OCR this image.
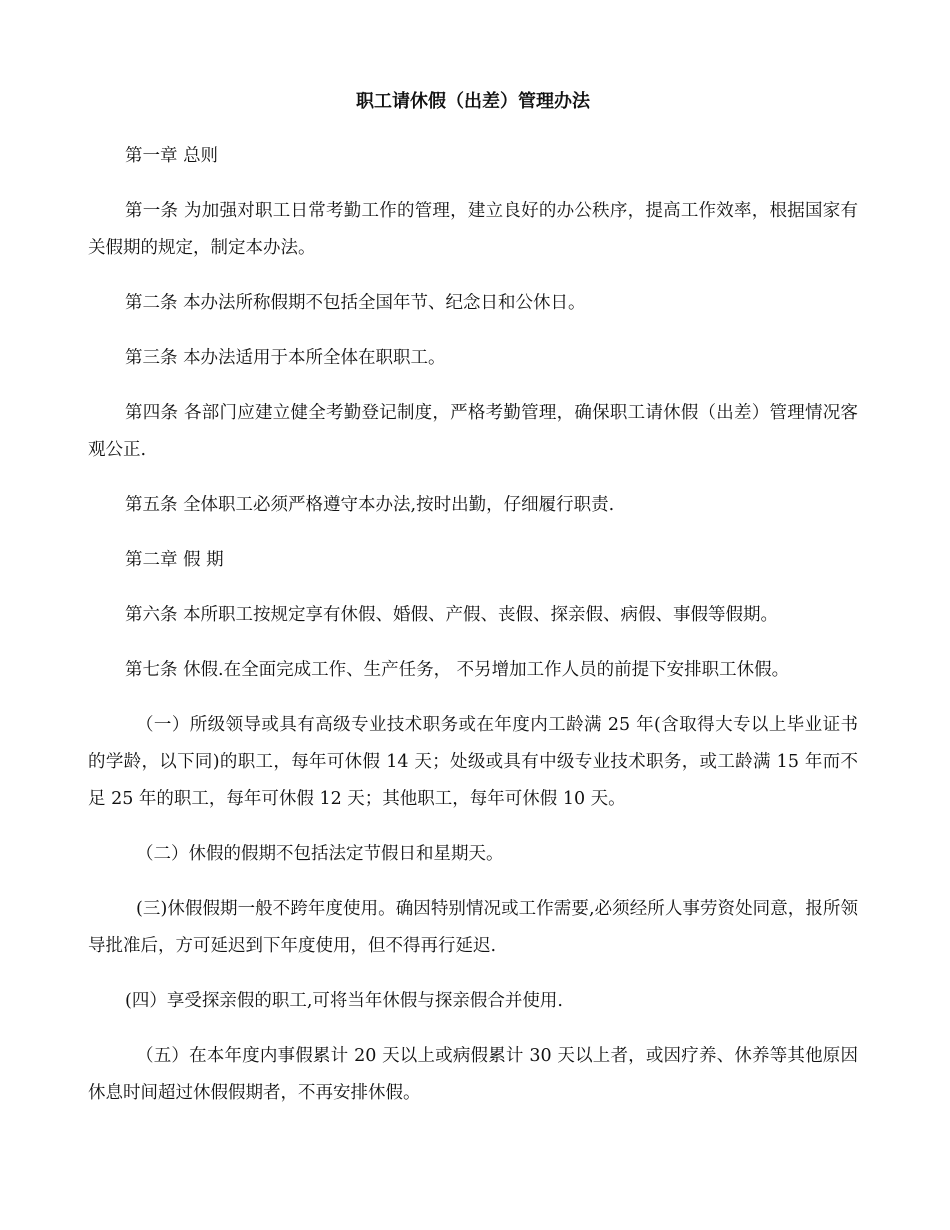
职工请休假（出差）管理办法

第一章 总则

第一条 为加强对职工日常考勤工作的管理，建立良好的办公秩序，提高工作效率，根据国家有关假期的规定，制定本办法。

第二条 本办法所称假期不包括全国年节、纪念日和公休日。

第三条 本办法适用于本所全体在职职工。

第四条 各部门应建立健全考勤登记制度，严格考勤管理，确保职工请休假（出差）管理情况客观公正.

第五条 全体职工必须严格遵守本办法,按时出勤，仔细履行职责.

第二章 假 期

第六条 本所职工按规定享有休假、婚假、产假、丧假、探亲假、病假、事假等假期。

第七条 休假.在全面完成工作、生产任务， 不另增加工作人员的前提下安排职工休假。

（一）所级领导或具有高级专业技术职务或在年度内工龄满 25 年(含取得大专以上毕业证书的学龄，以下同)的职工，每年可休假 14 天；处级或具有中级专业技术职务，或工龄满 15 年而不足 25 年的职工，每年可休假 12 天；其他职工，每年可休假 10 天。

（二）休假的假期不包括法定节假日和星期天。

(三)休假假期一般不跨年度使用。确因特别情况或工作需要,必须经所人事劳资处同意，报所领导批准后，方可延迟到下年度使用，但不得再行延迟.

(四）享受探亲假的职工,可将当年休假与探亲假合并使用.

（五）在本年度内事假累计 20 天以上或病假累计 30 天以上者，或因疗养、休养等其他原因休息时间超过休假假期者，不再安排休假。
